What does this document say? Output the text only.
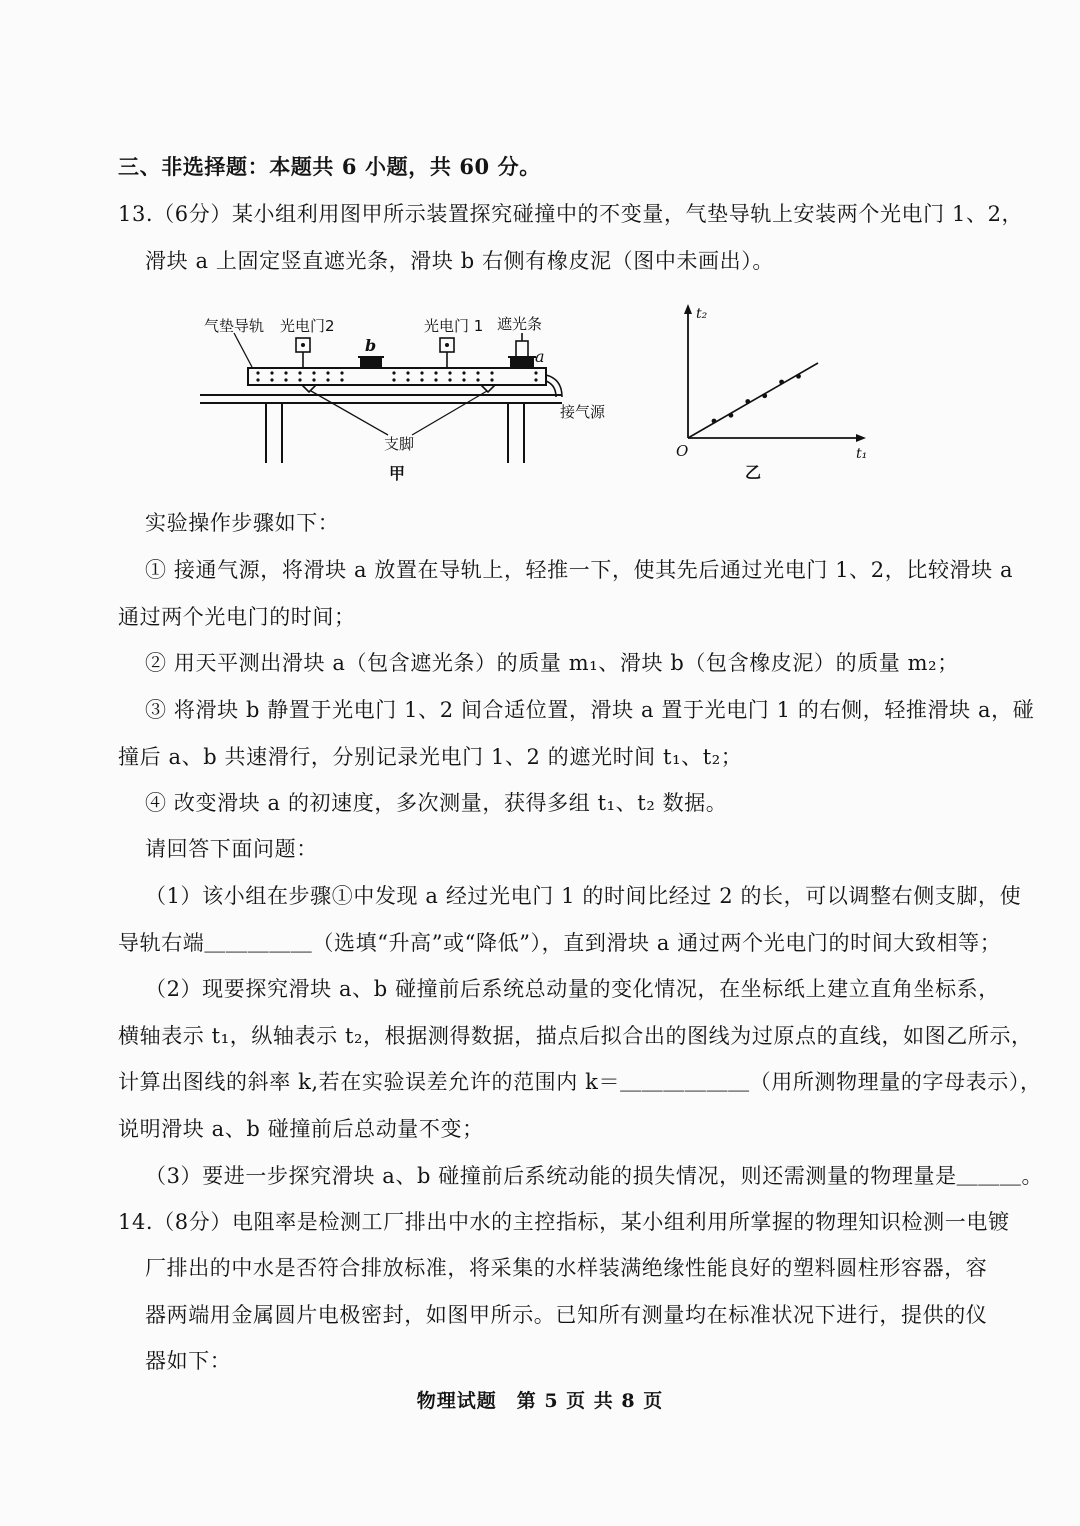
三、非选择题：本题共 6 小题，共 60 分。
13.（6分）某小组利用图甲所示装置探究碰撞中的不变量，气垫导轨上安装两个光电门 1、2，
滑块 a 上固定竖直遮光条，滑块 b 右侧有橡皮泥（图中未画出）。
气垫导轨 光电门2
b
光电门 1 遮光条
a
接气源
支脚
甲
t₂
t₁
O
乙
实验操作步骤如下：
① 接通气源，将滑块 a 放置在导轨上，轻推一下，使其先后通过光电门 1、2，比较滑块 a
通过两个光电门的时间；
② 用天平测出滑块 a（包含遮光条）的质量 m₁、滑块 b（包含橡皮泥）的质量 m₂；
③ 将滑块 b 静置于光电门 1、2 间合适位置，滑块 a 置于光电门 1 的右侧，轻推滑块 a，碰
撞后 a、b 共速滑行，分别记录光电门 1、2 的遮光时间 t₁、t₂；
④ 改变滑块 a 的初速度，多次测量，获得多组 t₁、t₂ 数据。
请回答下面问题：
（1）该小组在步骤①中发现 a 经过光电门 1 的时间比经过 2 的长，可以调整右侧支脚，使
导轨右端＿＿＿＿＿（选填“升高”或“降低”），直到滑块 a 通过两个光电门的时间大致相等；
（2）现要探究滑块 a、b 碰撞前后系统总动量的变化情况，在坐标纸上建立直角坐标系，
横轴表示 t₁，纵轴表示 t₂，根据测得数据，描点后拟合出的图线为过原点的直线，如图乙所示，
计算出图线的斜率 k,若在实验误差允许的范围内 k＝＿＿＿＿＿＿（用所测物理量的字母表示），
说明滑块 a、b 碰撞前后总动量不变；
（3）要进一步探究滑块 a、b 碰撞前后系统动能的损失情况，则还需测量的物理量是＿＿＿。
14.（8分）电阻率是检测工厂排出中水的主控指标，某小组利用所掌握的物理知识检测一电镀
厂排出的中水是否符合排放标准，将采集的水样装满绝缘性能良好的塑料圆柱形容器，容
器两端用金属圆片电极密封，如图甲所示。已知所有测量均在标准状况下进行，提供的仪
器如下：
物理试题　第 5 页 共 8 页
